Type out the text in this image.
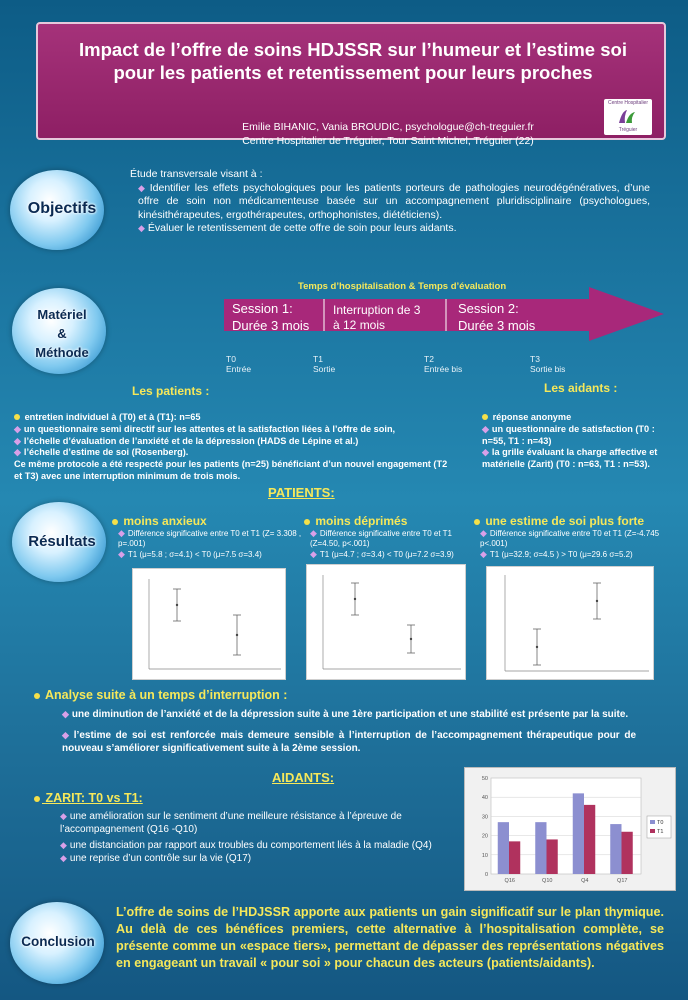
Impact de l’offre de soins HDJSSR sur l’humeur et l’estime soi
pour les patients et retentissement pour leurs proches
Emilie BIHANIC, Vania BROUDIC, psychologue@ch-treguier.fr
Centre Hospitalier de Tréguier, Tour Saint Michel, Tréguier (22)
Centre Hospitalier
Tréguier
Objectifs
Étude transversale visant à :
◆ Identifier les effets psychologiques pour les patients porteurs de pathologies neurodégénératives, d’une offre de soin non médicamenteuse basée sur un accompagnement pluridisciplinaire (psychologues, kinésithérapeutes, ergothérapeutes, orthophonistes, diététiciens).
◆ Évaluer le retentissement de cette offre de soin pour leurs aidants.
Matériel
&
Méthode
Temps d’hospitalisation & Temps d’évaluation
Session 1:
Durée 3 mois
Interruption de 3
à 12 mois
Session 2:
Durée 3 mois
T0
Entrée
T1
Sortie
T2
Entrée bis
T3
Sortie bis
Les patients :	Les aidants :
entretien individuel à (T0) et à (T1): n=65
◆ un questionnaire semi directif sur les attentes et la satisfaction liées à l’offre de soin,
◆ l’échelle d’évaluation de l’anxiété et de la dépression (HADS de Lépine et al.)
◆ l’échelle d’estime de soi (Rosenberg).
Ce même protocole a été respecté pour les patients (n=25) bénéficiant d’un nouvel engagement (T2 et T3) avec une interruption minimum de trois mois.
réponse anonyme
◆ un questionnaire de satisfaction (T0 : n=55, T1 : n=43)
◆ la grille évaluant la charge affective et matérielle (Zarit) (T0 : n=63, T1 : n=53).
PATIENTS:
Résultats
moins anxieux
◆ Différence significative entre T0 et T1 (Z= 3.308 , p=.001)
◆ T1 (μ=5.8 ; σ=4.1) < T0 (μ=7.5 σ=3.4)
moins déprimés
◆ Différence significative entre T0 et T1 (Z=4.50, p<.001)
◆ T1 (μ=4.7 ; σ=3.4) < T0 (μ=7.2 σ=3.9)
une estime de soi plus forte
◆ Différence significative entre T0 et T1 (Z=-4.745 p<.001)
◆ T1 (μ=32.9; σ=4.5 ) > T0 (μ=29.6 σ=5.2)
Analyse suite à un temps d’interruption :
◆ une diminution de l’anxiété et de la dépression suite à une 1ère participation et une stabilité est présente par la suite.
◆ l’estime de soi est renforcée mais demeure sensible à l’interruption de l’accompagnement thérapeutique pour de nouveau s’améliorer significativement suite à la 2ème session.
AIDANTS:
ZARIT: T0 vs T1:
◆ une amélioration sur le sentiment d’une meilleure résistance à l’épreuve de l’accompagnement (Q16 -Q10)
◆ une distanciation par rapport aux troubles du comportement liés à la maladie (Q4)
◆ une reprise d’un contrôle sur la vie (Q17)
0
10
20
30
40
50
Q16	Q10	Q4	Q17
T0
T1
Conclusion
L’offre de soins de l’HDJSSR apporte aux patients un gain significatif sur le plan thymique. Au delà de ces bénéfices premiers, cette alternative à l’hospitalisation complète, se présente comme un «espace tiers», permettant de dépasser des représentations négatives en engageant un travail « pour soi » pour chacun des acteurs (patients/aidants).
